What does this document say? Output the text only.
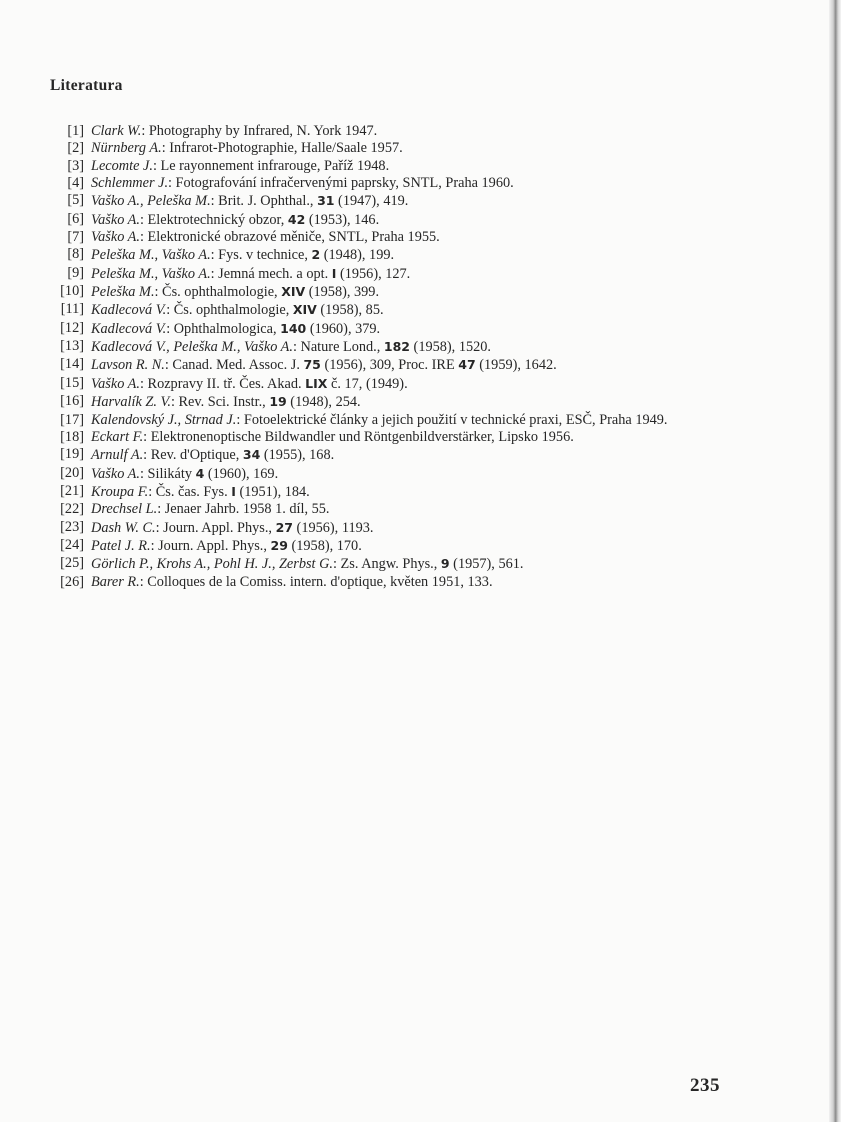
Literatura
[1] Clark W.: Photography by Infrared, N. York 1947.
[2] Nürnberg A.: Infrarot-Photographie, Halle/Saale 1957.
[3] Lecomte J.: Le rayonnement infrarouge, Paříž 1948.
[4] Schlemmer J.: Fotografování infračervenými paprsky, SNTL, Praha 1960.
[5] Vaško A., Peleška M.: Brit. J. Ophthal., 31 (1947), 419.
[6] Vaško A.: Elektrotechnický obzor, 42 (1953), 146.
[7] Vaško A.: Elektronické obrazové měniče, SNTL, Praha 1955.
[8] Peleška M., Vaško A.: Fys. v technice, 2 (1948), 199.
[9] Peleška M., Vaško A.: Jemná mech. a opt. I (1956), 127.
[10] Peleška M.: Čs. ophthalmologie, XIV (1958), 399.
[11] Kadlecová V.: Čs. ophthalmologie, XIV (1958), 85.
[12] Kadlecová V.: Ophthalmologica, 140 (1960), 379.
[13] Kadlecová V., Peleška M., Vaško A.: Nature Lond., 182 (1958), 1520.
[14] Lavson R. N.: Canad. Med. Assoc. J. 75 (1956), 309, Proc. IRE 47 (1959), 1642.
[15] Vaško A.: Rozpravy II. tř. Čes. Akad. LIX č. 17, (1949).
[16] Harvalík Z. V.: Rev. Sci. Instr., 19 (1948), 254.
[17] Kalendovský J., Strnad J.: Fotoelektrické články a jejich použití v technické praxi, ESČ, Praha 1949.
[18] Eckart F.: Elektronenoptische Bildwandler und Röntgenbildverstärker, Lipsko 1956.
[19] Arnulf A.: Rev. d'Optique, 34 (1955), 168.
[20] Vaško A.: Silikáty 4 (1960), 169.
[21] Kroupa F.: Čs. čas. Fys. I (1951), 184.
[22] Drechsel L.: Jenaer Jahrb. 1958 1. díl, 55.
[23] Dash W. C.: Journ. Appl. Phys., 27 (1956), 1193.
[24] Patel J. R.: Journ. Appl. Phys., 29 (1958), 170.
[25] Görlich P., Krohs A., Pohl H. J., Zerbst G.: Zs. Angw. Phys., 9 (1957), 561.
[26] Barer R.: Colloques de la Comiss. intern. d'optique, květen 1951, 133.
235
